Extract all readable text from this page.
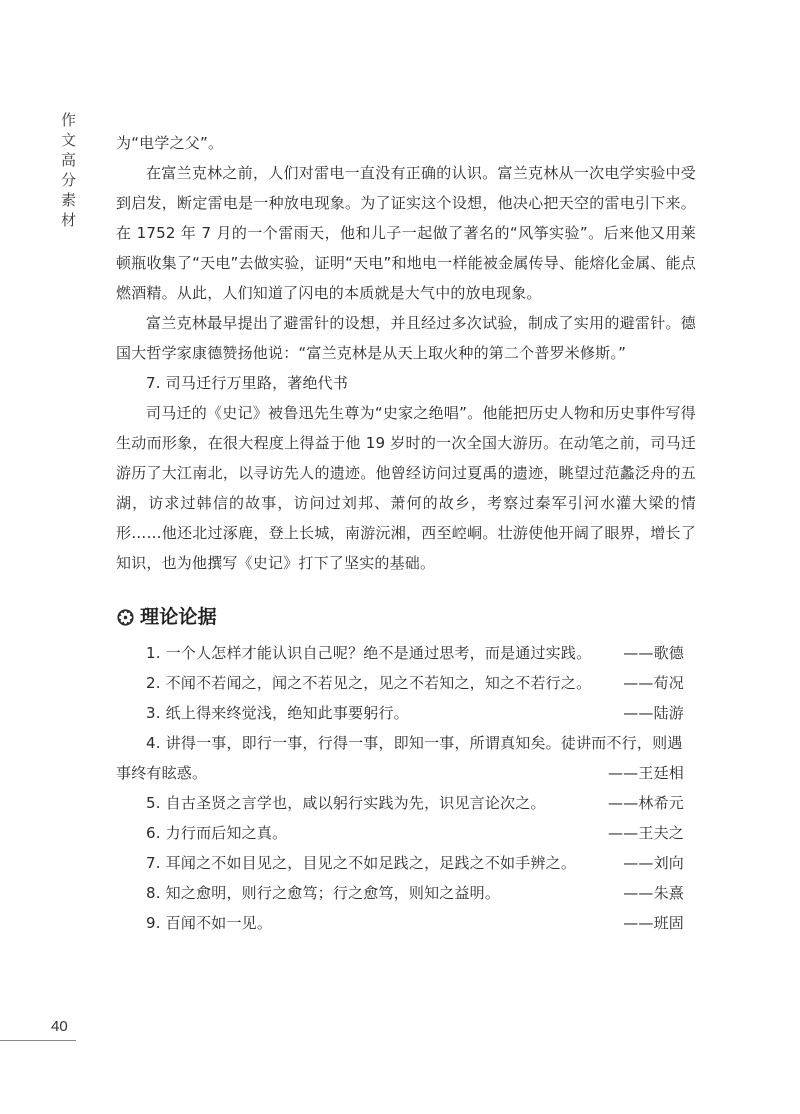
作
文
高
分
素
材

为“电学之父”。

在富兰克林之前，人们对雷电一直没有正确的认识。富兰克林从一次电学实验中受到启发，断定雷电是一种放电现象。为了证实这个设想，他决心把天空的雷电引下来。在 1752 年 7 月的一个雷雨天，他和儿子一起做了著名的“风筝实验”。后来他又用莱顿瓶收集了“天电”去做实验，证明“天电”和地电一样能被金属传导、能熔化金属、能点燃酒精。从此，人们知道了闪电的本质就是大气中的放电现象。

富兰克林最早提出了避雷针的设想，并且经过多次试验，制成了实用的避雷针。德国大哲学家康德赞扬他说：“富兰克林是从天上取火种的第二个普罗米修斯。”

7. 司马迁行万里路，著绝代书

司马迁的《史记》被鲁迅先生尊为“史家之绝唱”。他能把历史人物和历史事件写得生动而形象，在很大程度上得益于他 19 岁时的一次全国大游历。在动笔之前，司马迁游历了大江南北，以寻访先人的遗迹。他曾经访问过夏禹的遗迹，眺望过范蠡泛舟的五湖，访求过韩信的故事，访问过刘邦、萧何的故乡，考察过秦军引河水灌大梁的情形……他还北过涿鹿，登上长城，南游沅湘，西至崆峒。壮游使他开阔了眼界，增长了知识，也为他撰写《史记》打下了坚实的基础。

理论论据
1. 一个人怎样才能认识自己呢？绝不是通过思考，而是通过实践。 ——歌德
2. 不闻不若闻之，闻之不若见之，见之不若知之，知之不若行之。 ——荀况
3. 纸上得来终觉浅，绝知此事要躬行。	——陆游
4. 讲得一事，即行一事，行得一事，即知一事，所谓真知矣。徒讲而不行，则遇
事终有眩惑。	——王廷相
5. 自古圣贤之言学也，咸以躬行实践为先，识见言论次之。	——林希元
6. 力行而后知之真。	——王夫之
7. 耳闻之不如目见之，目见之不如足践之，足践之不如手辨之。	——刘向
8. 知之愈明，则行之愈笃；行之愈笃，则知之益明。	——朱熹
9. 百闻不如一见。	——班固
40
